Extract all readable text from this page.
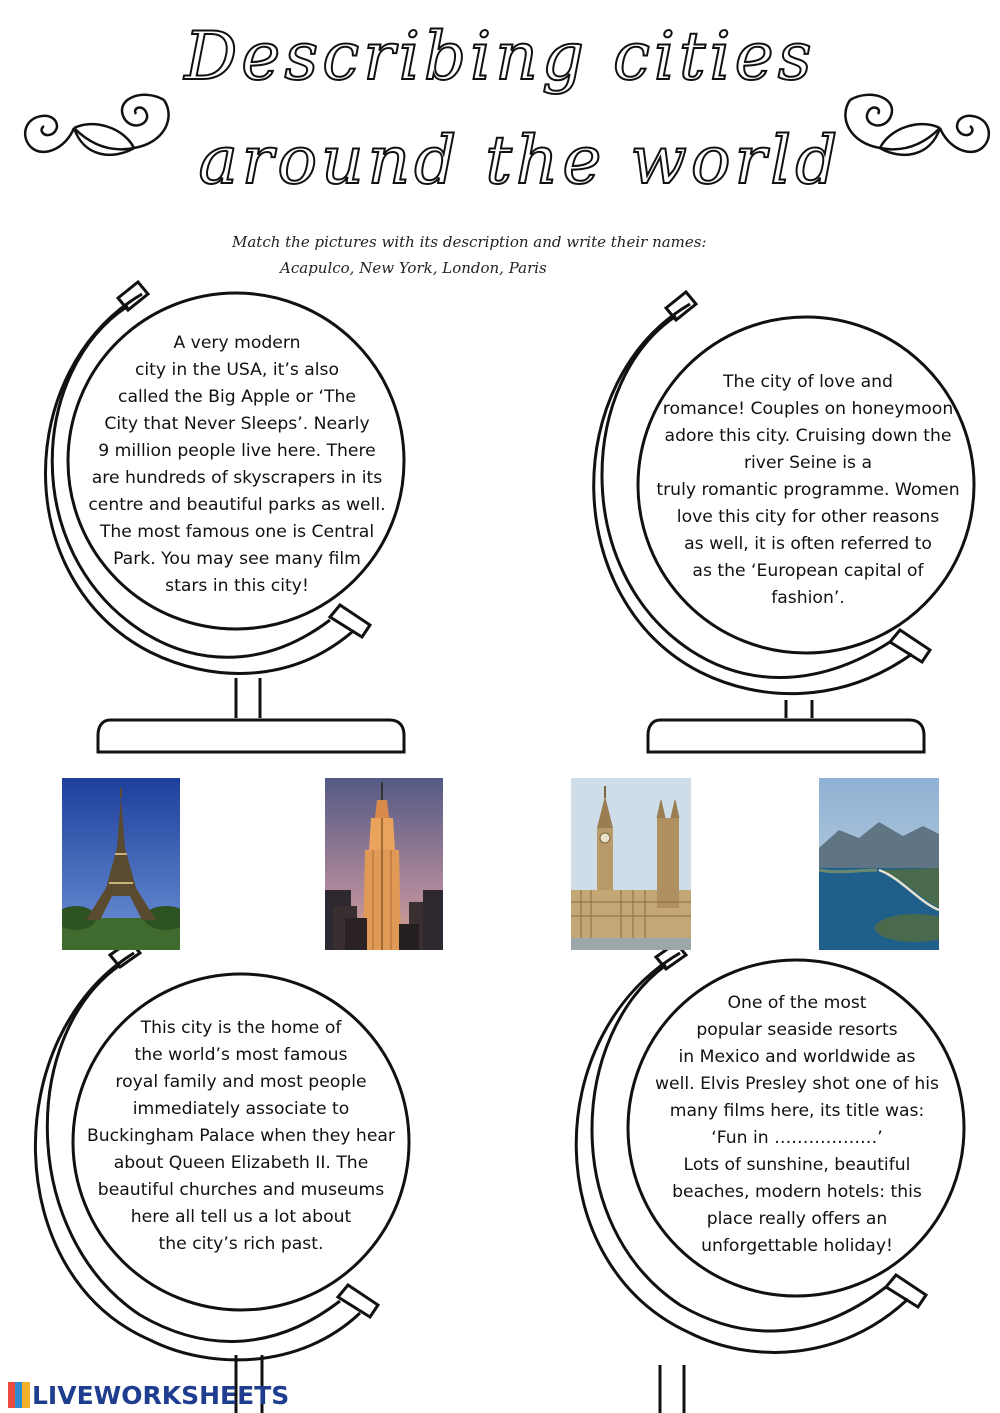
Describing cities
around the world
Match the pictures with its description and write their names:
Acapulco, New York, London, Paris
A very modern
city in the USA, it’s also
called the Big Apple or ‘The
City that Never Sleeps’. Nearly
9 million people live here. There
are hundreds of skyscrapers in its
centre and beautiful parks as well.
The most famous one is Central
Park. You may see many film
stars in this city!
The city of love and
romance! Couples on honeymoon
adore this city. Cruising down the
river Seine is a
truly romantic programme. Women
love this city for other reasons
as well, it is often referred to
as the ‘European capital of
fashion’.
This city is the home of
the world’s most famous
royal family and most people
immediately associate to
Buckingham Palace when they hear
about Queen Elizabeth II. The
beautiful churches and museums
here all tell us a lot about
the city’s rich past.
One of the most
popular seaside resorts
in Mexico and worldwide as
well. Elvis Presley shot one of his
many films here, its title was:
‘Fun in ………………’
Lots of sunshine, beautiful
beaches, modern hotels: this
place really offers an
unforgettable holiday!
LIVEWORKSHEETS
